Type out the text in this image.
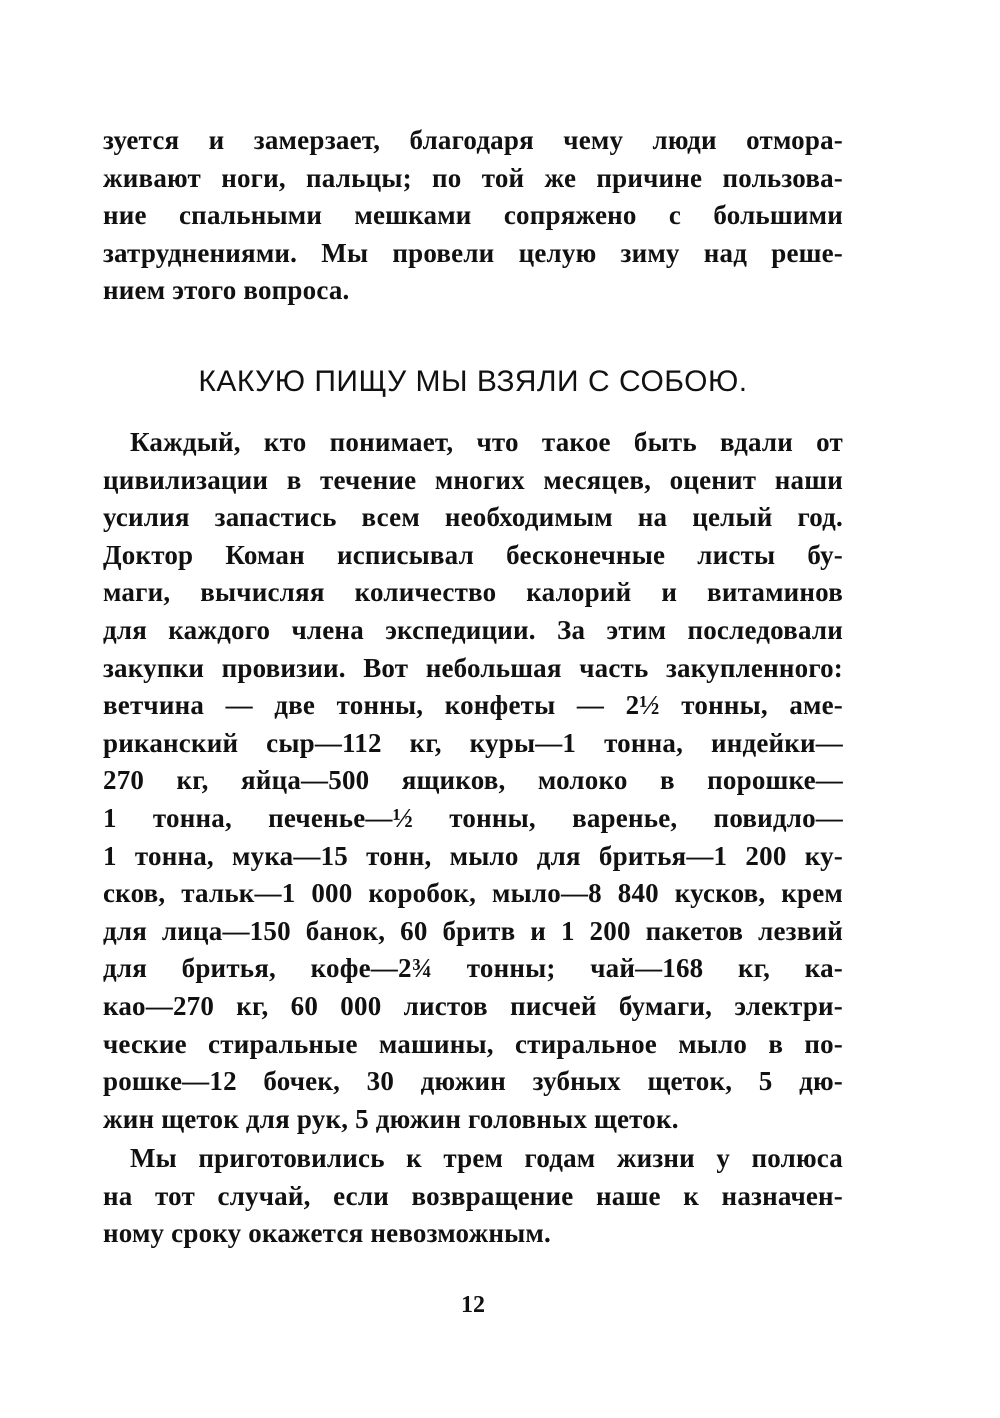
зуется и замерзает, благодаря чему люди отмора-
живают ноги, пальцы; по той же причине пользова-
ние спальными мешками сопряжено с большими
затруднениями. Мы провели целую зиму над реше-
нием этого вопроса.
КАКУЮ ПИЩУ МЫ ВЗЯЛИ С СОБОЮ.
Каждый, кто понимает, что такое быть вдали от
цивилизации в течение многих месяцев, оценит наши
усилия запастись всем необходимым на целый год.
Доктор Коман исписывал бесконечные листы бу-
маги, вычисляя количество калорий и витаминов
для каждого члена экспедиции. За этим последовали
закупки провизии. Вот небольшая часть закупленного:
ветчина — две тонны, конфеты — 2½ тонны, аме-
риканский сыр—112 кг, куры—1 тонна, индейки—
270 кг, яйца—500 ящиков, молоко в порошке—
1 тонна, печенье—½ тонны, варенье, повидло—
1 тонна, мука—15 тонн, мыло для бритья—1 200 ку-
сков, тальк—1 000 коробок, мыло—8 840 кусков, крем
для лица—150 банок, 60 бритв и 1 200 пакетов лезвий
для бритья, кофе—2¾ тонны; чай—168 кг, ка-
као—270 кг, 60 000 листов писчей бумаги, электри-
ческие стиральные машины, стиральное мыло в по-
рошке—12 бочек, 30 дюжин зубных щеток, 5 дю-
жин щеток для рук, 5 дюжин головных щеток.
Мы приготовились к трем годам жизни у полюса
на тот случай, если возвращение наше к назначен-
ному сроку окажется невозможным.
12
